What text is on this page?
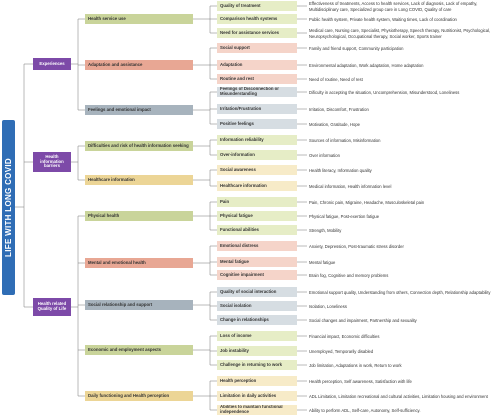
LIFE WITH LONG COVID
Experiences
Health service use
Quality of treatment	Effectiveness of treatments, Access to health services, Lack of diagnosis, Lack of empathy, Multidisciplinary care, Specialized group care in Long COVID, Quality of care
Comparison health systems	Public health system, Private health system, Waiting times, Lack of coordination
Need for assistance services	Medical care, Nursing care, Specialist, Physiotherapy, Speech therapy, Nutritionist, Psychological, Neuropsychological, Occupational therapy, Social worker, Sports trainer
Adaptation and assistance
Social support	Family and friend support, Community participation
Adaptation	Environmental adaptation, Work adaptation, Home adaptation
Routine and rest	Need of routine, Need of rest
Feelings and emotional impact
Feelings of Disconnection or Misunderstanding	Dificulty in accepting the situation, Uncomprehension, Misunderstood, Loneliness
Irritation/Frustration	Irritation, Discomfort, Frustration
Positive feelings	Motivation, Gratitude, Hope
Health information barriers
Difficulties and risk of health information seeking
Information reliability	Sources of information, Misinformation
Over-information	Over information
Healthcare information
Social awareness	Health literacy, Information quality
Healthcare information	Medical information, Health information level
Health related Quality of Life
Physical health
Pain	Pain, Chronic pain, Migraine, Headache, Musculoskeletal pain
Physical fatigue	Physical fatigue, Post-exertion fatigue
Functional abilities	Strength, Mobility
Mental and emotional health
Emotional distress	Anxiety, Depression, Post-traumatic stress disorder
Mental fatigue	Mental fatigue
Cognitive impairment	Brain fog, Cognitive and memory problems
Social relationship and support
Quality of social interaction	Emotional support quality, Understanding from others, Connection depth, Relationship adaptability
Social isolation	Isolation, Loneliness
Change in relationships	Social changes and impairment, Partnership and sexuality
Economic and employment aspects
Loss of income	Financial impact, Economic difficulties
Job instability	Unemployed, Temporarily disabled
Challenge in returning to work	Job limitation, Adaptations in work, Return to work
Daily functioning and Health perception
Health perception	Health perception, Self awareness, Satisfaction with life
Limitation in daily activities	ADL Limitation, Limitation recreational and cultural activities, Limitation housing and environment
Abilities to maintain functional independence	Ability to perform ADL, Self-care, Autonomy, Self-sufficiency.
